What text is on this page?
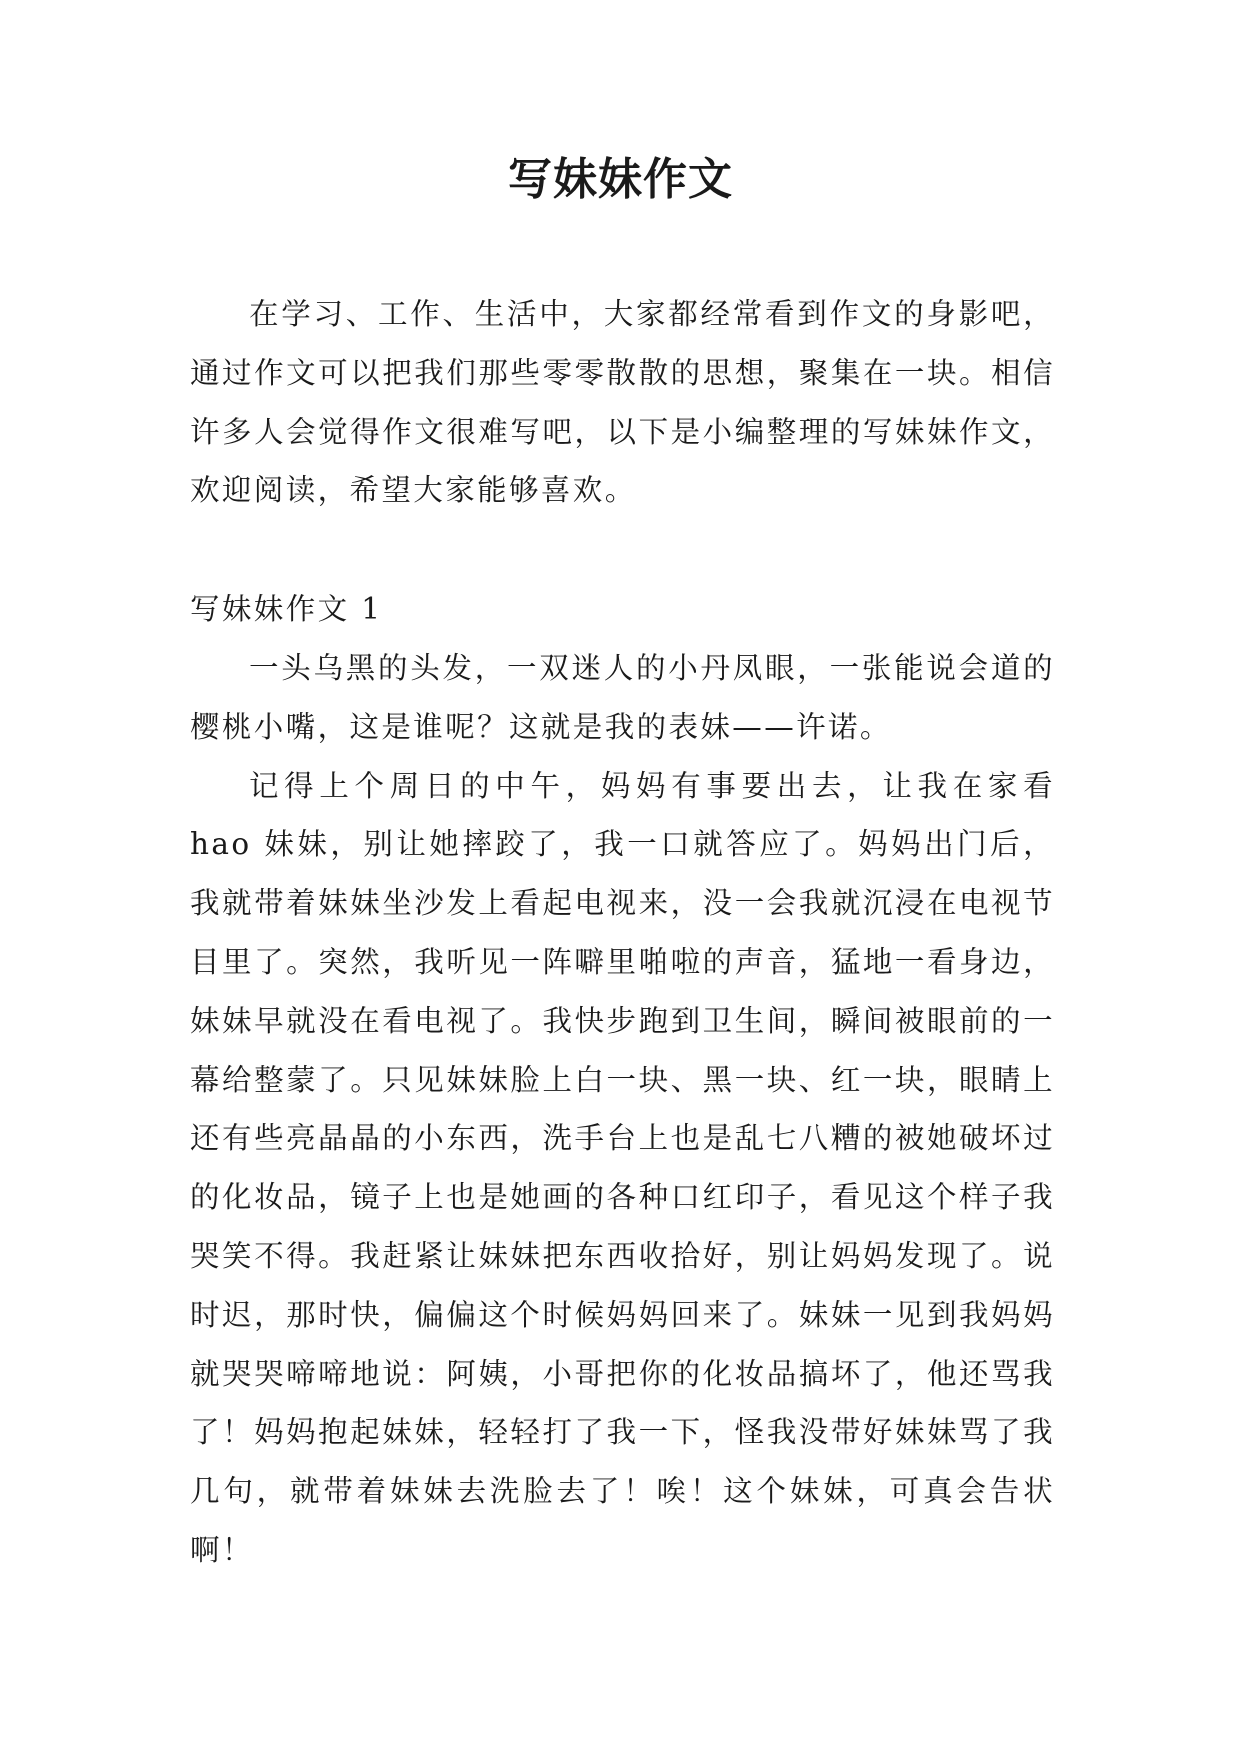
写妹妹作文

在学习、工作、生活中，大家都经常看到作文的身影吧，通过作文可以把我们那些零零散散的思想，聚集在一块。相信许多人会觉得作文很难写吧，以下是小编整理的写妹妹作文，欢迎阅读，希望大家能够喜欢。

写妹妹作文 1

一头乌黑的头发，一双迷人的小丹凤眼，一张能说会道的樱桃小嘴，这是谁呢？这就是我的表妹——许诺。

记得上个周日的中午，妈妈有事要出去，让我在家看 hao 妹妹，别让她摔跤了，我一口就答应了。妈妈出门后，我就带着妹妹坐沙发上看起电视来，没一会我就沉浸在电视节目里了。突然，我听见一阵噼里啪啦的声音，猛地一看身边，妹妹早就没在看电视了。我快步跑到卫生间，瞬间被眼前的一幕给整蒙了。只见妹妹脸上白一块、黑一块、红一块，眼睛上还有些亮晶晶的小东西，洗手台上也是乱七八糟的被她破坏过的化妆品，镜子上也是她画的各种口红印子，看见这个样子我哭笑不得。我赶紧让妹妹把东西收拾好，别让妈妈发现了。说时迟，那时快，偏偏这个时候妈妈回来了。妹妹一见到我妈妈就哭哭啼啼地说：阿姨，小哥把你的化妆品搞坏了，他还骂我了！妈妈抱起妹妹，轻轻打了我一下，怪我没带好妹妹骂了我几句，就带着妹妹去洗脸去了！唉！这个妹妹，可真会告状啊！
